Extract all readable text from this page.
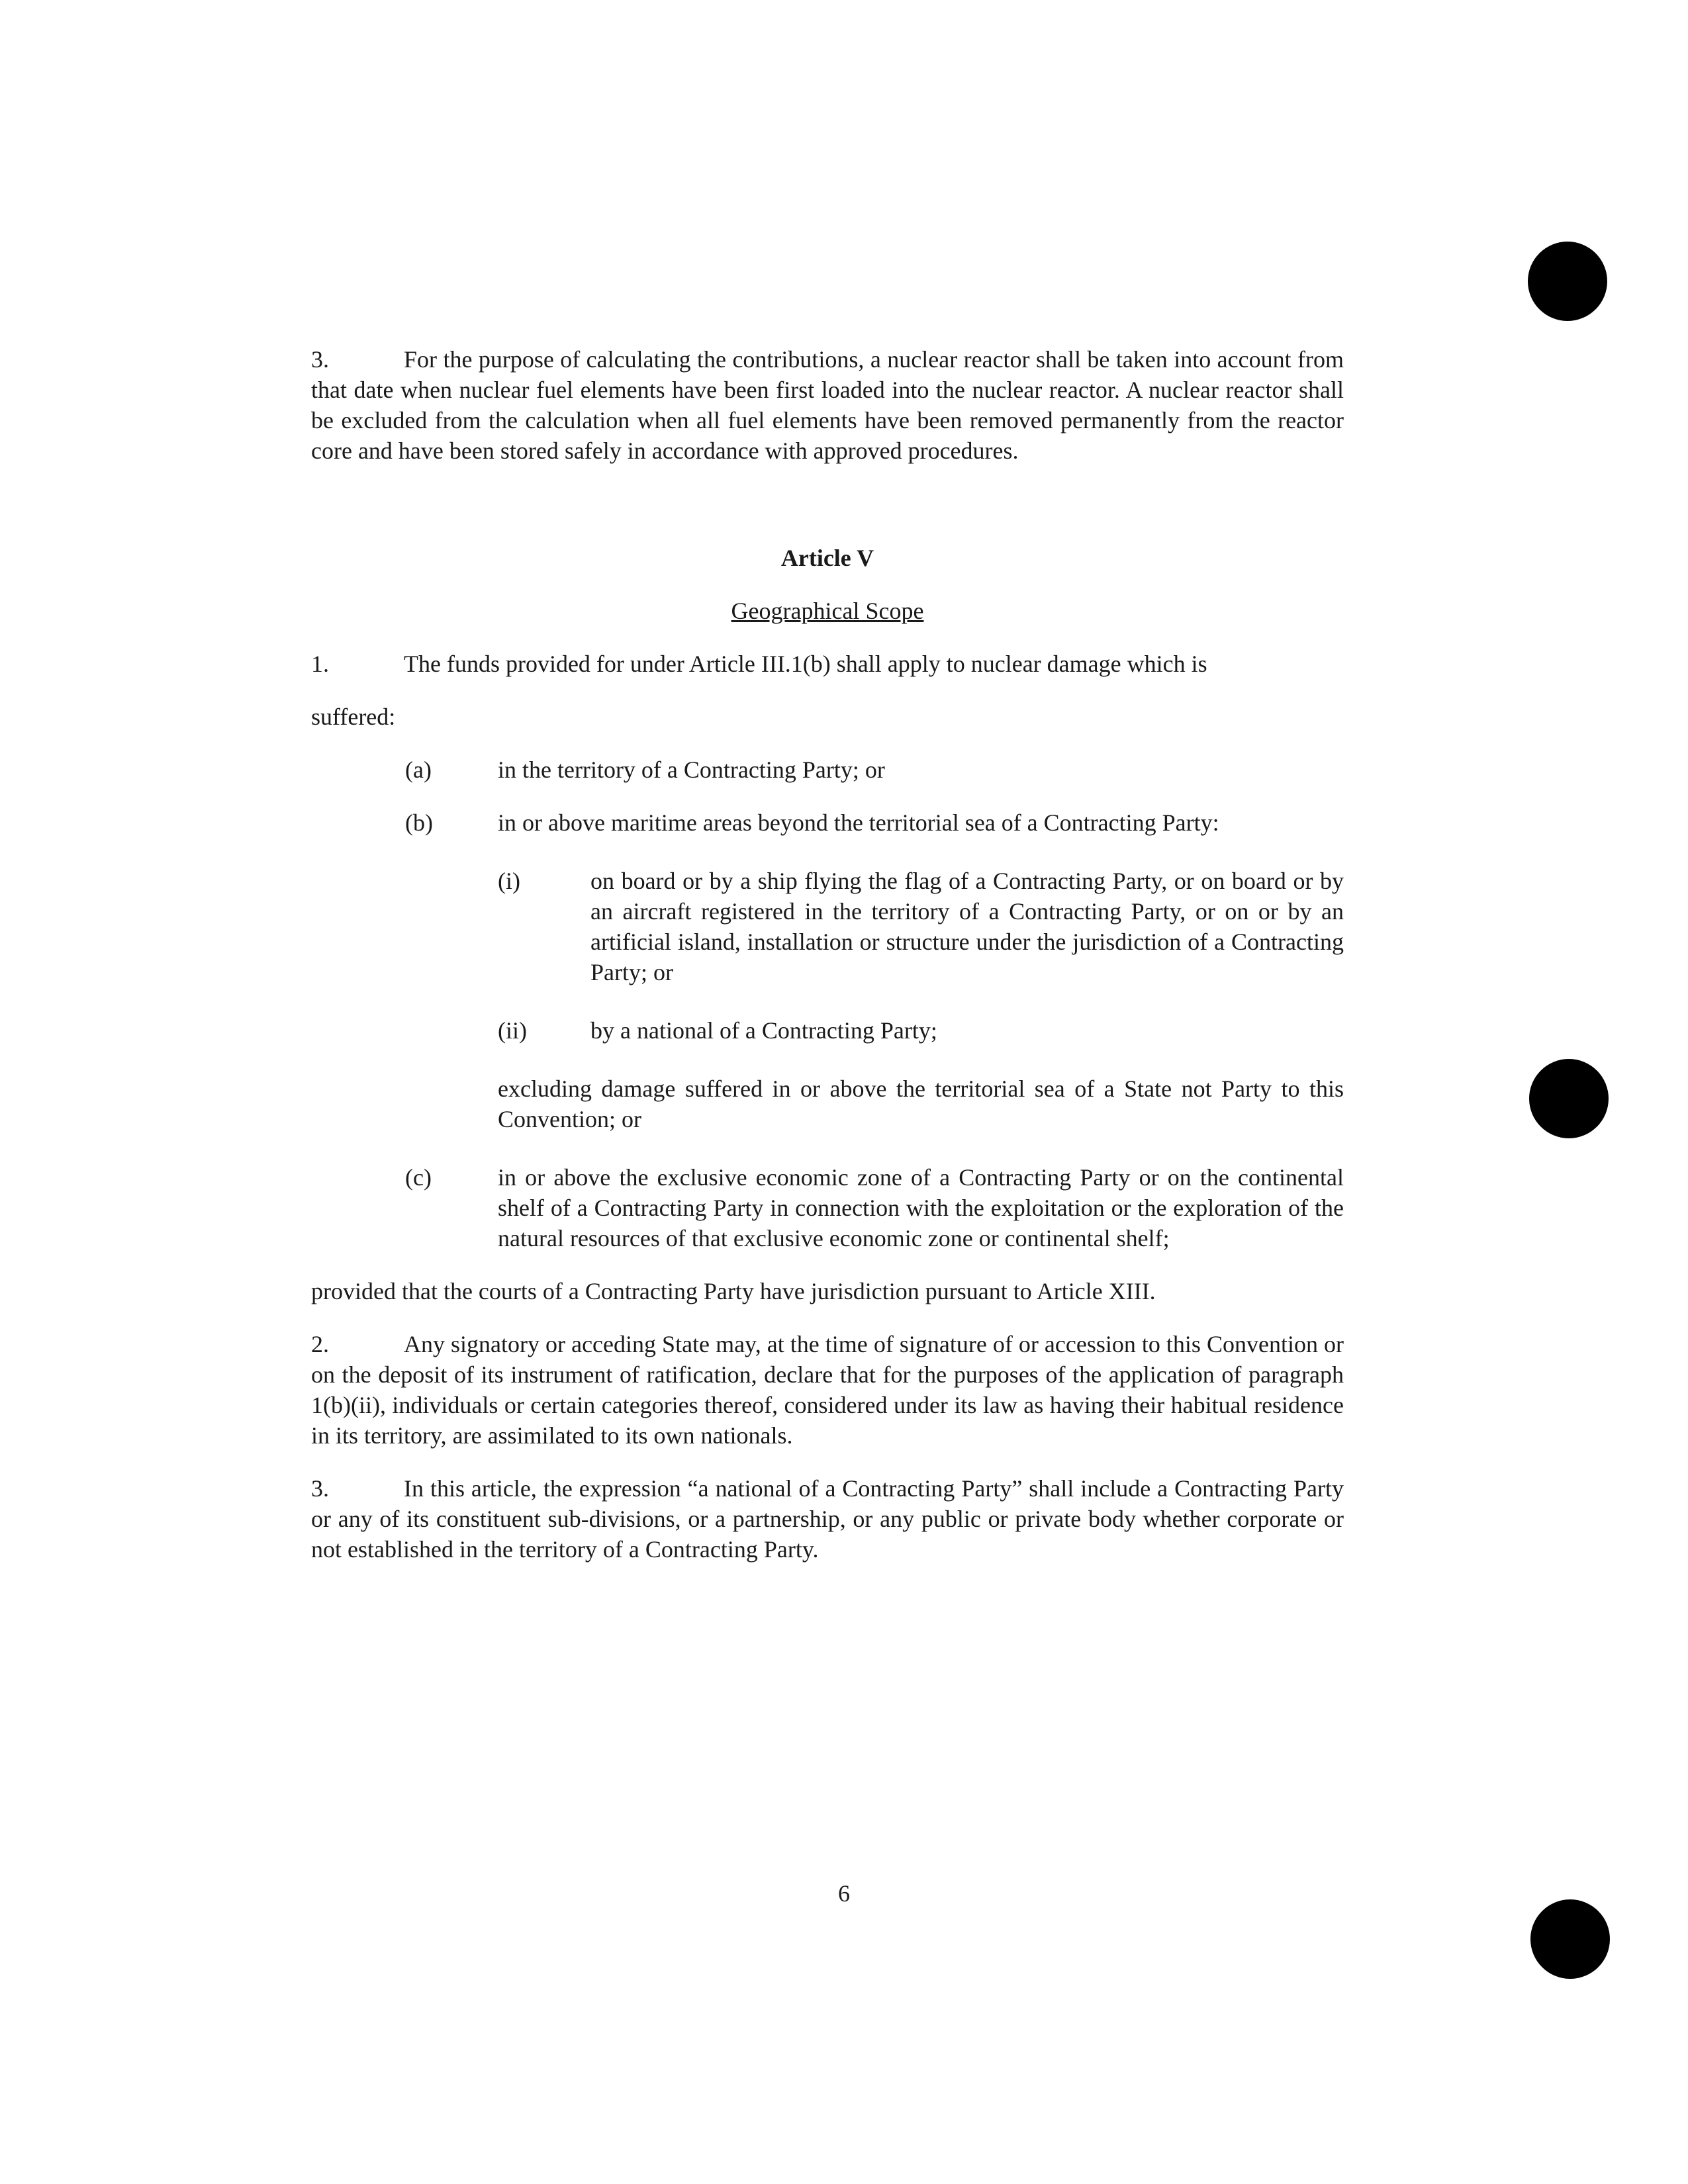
3.	For the purpose of calculating the contributions, a nuclear reactor shall be taken into account from that date when nuclear fuel elements have been first loaded into the nuclear reactor. A nuclear reactor shall be excluded from the calculation when all fuel elements have been removed permanently from the reactor core and have been stored safely in accordance with approved procedures.

Article V

Geographical Scope

1.	The funds provided for under Article III.1(b) shall apply to nuclear damage which is

suffered:

(a)	in the territory of a Contracting Party; or
(b)	in or above maritime areas beyond the territorial sea of a Contracting Party:
(i)	on board or by a ship flying the flag of a Contracting Party, or on board or by an aircraft registered in the territory of a Contracting Party, or on or by an artificial island, installation or structure under the jurisdiction of a Contracting Party; or
(ii)	by a national of a Contracting Party;

excluding damage suffered in or above the territorial sea of a State not Party to this Convention; or

(c)	in or above the exclusive economic zone of a Contracting Party or on the continental shelf of a Contracting Party in connection with the exploitation or the exploration of the natural resources of that exclusive economic zone or continental shelf;

provided that the courts of a Contracting Party have jurisdiction pursuant to Article XIII.

2.	Any signatory or acceding State may, at the time of signature of or accession to this Convention or on the deposit of its instrument of ratification, declare that for the purposes of the application of paragraph 1(b)(ii), individuals or certain categories thereof, considered under its law as having their habitual residence in its territory, are assimilated to its own nationals.

3.	In this article, the expression “a national of a Contracting Party” shall include a Contracting Party or any of its constituent sub-divisions, or a partnership, or any public or private body whether corporate or not established in the territory of a Contracting Party.

6
